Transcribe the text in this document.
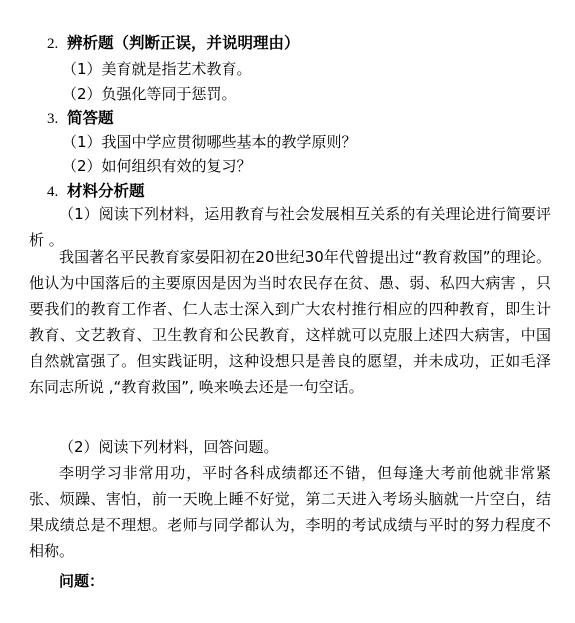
2. 辨析题（判断正误，并说明理由）
（1）美育就是指艺术教育。
（2）负强化等同于惩罚。
3. 简答题
（1）我国中学应贯彻哪些基本的教学原则？
（2）如何组织有效的复习？
4. 材料分析题
（1）阅读下列材料，运用教育与社会发展相互关系的有关理论进行简要评析 。
我国著名平民教育家晏阳初在20世纪30年代曾提出过“教育救国”的理论。他认为中国落后的主要原因是因为当时农民存在贫、愚、弱、私四大病害 ，只要我们的教育工作者、仁人志士深入到广大农村推行相应的四种教育，即生计教育、文艺教育、卫生教育和公民教育，这样就可以克服上述四大病害，中国自然就富强了。但实践证明，这种设想只是善良的愿望，并未成功，正如毛泽东同志所说 ,“教育救国”, 唤来唤去还是一句空话。
（2）阅读下列材料，回答问题。
李明学习非常用功，平时各科成绩都还不错，但每逢大考前他就非常紧张、烦躁、害怕，前一天晚上睡不好觉，第二天进入考场头脑就一片空白，结果成绩总是不理想。老师与同学都认为，李明的考试成绩与平时的努力程度不相称。
问题：
